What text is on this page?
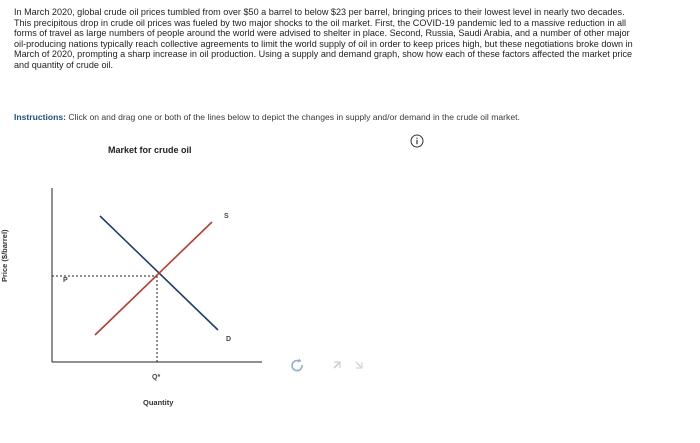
In March 2020, global crude oil prices tumbled from over $50 a barrel to below $23 per barrel, bringing prices to their lowest level in nearly two decades. This precipitous drop in crude oil prices was fueled by two major shocks to the oil market. First, the COVID-19 pandemic led to a massive reduction in all forms of travel as large numbers of people around the world were advised to shelter in place. Second, Russia, Saudi Arabia, and a number of other major oil-producing nations typically reach collective agreements to limit the world supply of oil in order to keep prices high, but these negotiations broke down in March of 2020, prompting a sharp increase in oil production. Using a supply and demand graph, show how each of these factors affected the market price and quantity of crude oil.
Instructions: Click on and drag one or both of the lines below to depict the changes in supply and/or demand in the crude oil market.
Market for crude oil
S
D
P
Q*
Quantity
Price ($/barrel)
